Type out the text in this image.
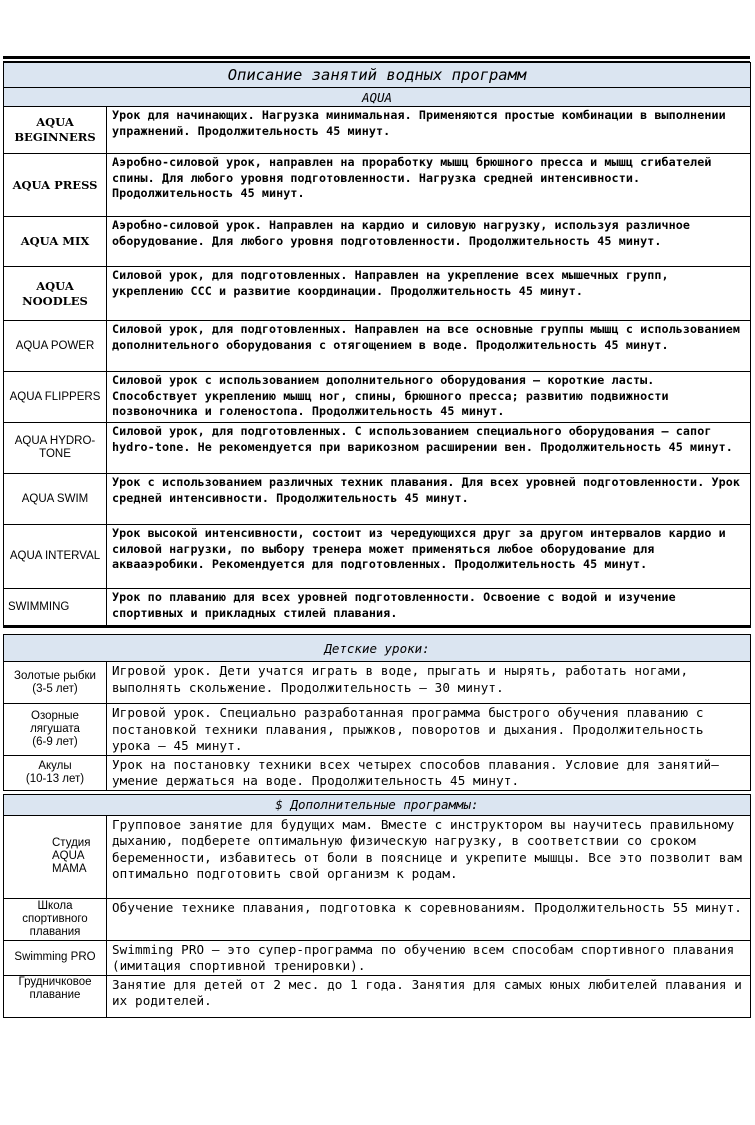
Описание занятий водных программ	
AQUA	
AQUA BEGINNERS	Урок для начинающих. Нагрузка минимальная. Применяются простые комбинации в выполнении упражнений. Продолжительность 45 минут.
AQUA PRESS	Аэробно-силовой урок, направлен на проработку мышц брюшного пресса и мышц сгибателей спины. Для любого уровня подготовленности. Нагрузка средней интенсивности. Продолжительность 45 минут.
AQUA MIX	Аэробно-силовой урок. Направлен на кардио и силовую нагрузку, используя различное оборудование. Для любого уровня подготовленности. Продолжительность 45 минут.
AQUA NOODLES	Силовой урок, для подготовленных. Направлен на укрепление всех мышечных групп, укреплению ССС и развитие координации. Продолжительность 45 минут.
AQUA POWER	Силовой урок, для подготовленных. Направлен на все основные группы мышц с использованием дополнительного оборудования с отягощением в воде. Продолжительность 45 минут.
AQUA FLIPPERS	Силовой урок с использованием дополнительного оборудования – короткие ласты. Способствует укреплению мышц ног, спины, брюшного пресса; развитию подвижности позвоночника и голеностопа. Продолжительность 45 минут.
AQUA HYDRO-TONE	Силовой урок, для подготовленных. С использованием специального оборудования – сапог hydro-tone. Не рекомендуется при варикозном расширении вен. Продолжительность 45 минут.
AQUA SWIM	Урок с использованием различных техник плавания. Для всех уровней подготовленности. Урок средней интенсивности. Продолжительность 45 минут.
AQUA INTERVAL	Урок высокой интенсивности, состоит из чередующихся друг за другом интервалов кардио и силовой нагрузки, по выбору тренера может применяться любое оборудование для аквааэробики. Рекомендуется для подготовленных. Продолжительность 45 минут.
SWIMMING	Урок по плаванию для всех уровней подготовленности. Освоение с водой и изучение спортивных и прикладных стилей плавания.

Детские уроки:	

Золотые рыбки
(3-5 лет)	Игровой урок. Дети учатся играть в воде, прыгать и нырять, работать ногами, выполнять скольжение. Продолжительность – 30 минут.

Озорные лягушата
(6-9 лет)	Игровой урок. Специально разработанная программа быстрого обучения плаванию с постановкой техники плавания, прыжков, поворотов и дыхания. Продолжительность урока – 45 минут.

Акулы
(10-13 лет)	Урок на постановку техники всех четырех способов плавания. Условие для занятий– умение держаться на воде. Продолжительность 45 минут.

$ Дополнительные программы:	
Студия AQUA MAMA	Групповое занятие для будущих мам. Вместе с инструктором вы научитесь правильному дыханию, подберете оптимальную физическую нагрузку, в соответствии со сроком беременности, избавитесь от боли в пояснице и укрепите мышцы. Все это позволит вам оптимально подготовить свой организм к родам.
Школа спортивного плавания	Обучение технике плавания, подготовка к соревнованиям. Продолжительность 55 минут.
Swimming PRO	Swimming PRO – это супер-программа по обучению всем способам спортивного плавания (имитация спортивной тренировки).
Грудничковое плавание	Занятие для детей от 2 мес. до 1 года. Занятия для самых юных любителей плавания и их родителей.
